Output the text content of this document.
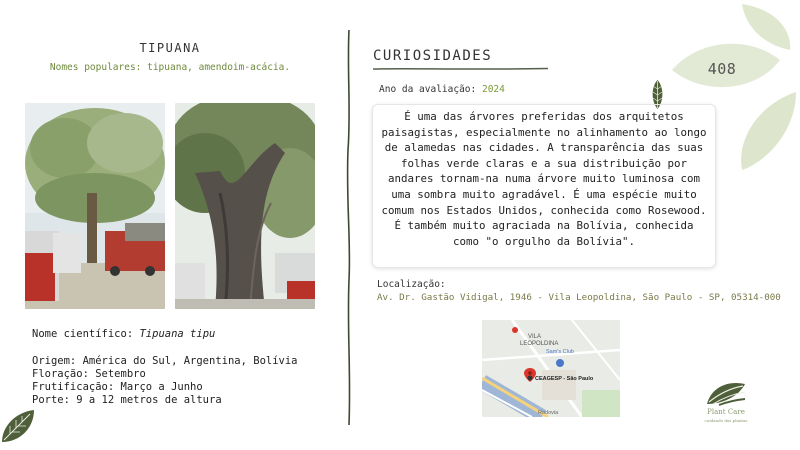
408
TIPUANA
Nomes populares: tipuana, amendoim-acácia.
Nome científico: Tipuana tipu
Origem: América do Sul, Argentina, Bolívia
Floração: Setembro
Frutificação: Março a Junho
Porte: 9 a 12 metros de altura
CURIOSIDADES
Ano da avaliação: 2024
É uma das árvores preferidas dos arquitetos paisagistas, especialmente no alinhamento ao longo de alamedas nas cidades. A transparência das suas folhas verde claras e a sua distribuição por andares tornam-na numa árvore muito luminosa com uma sombra muito agradável. É uma espécie muito comum nos Estados Unidos, conhecida como Rosewood. É também muito agraciada na Bolívia, conhecida como "o orgulho da Bolívia".
Localização:
Av. Dr. Gastão Vidigal, 1946 - Vila Leopoldina, São Paulo - SP, 05314-000
VILA
LEOPOLDINA
Sam's Club
CEAGESP - São Paulo
Rodovia	Plant Care
cuidando das plantas
